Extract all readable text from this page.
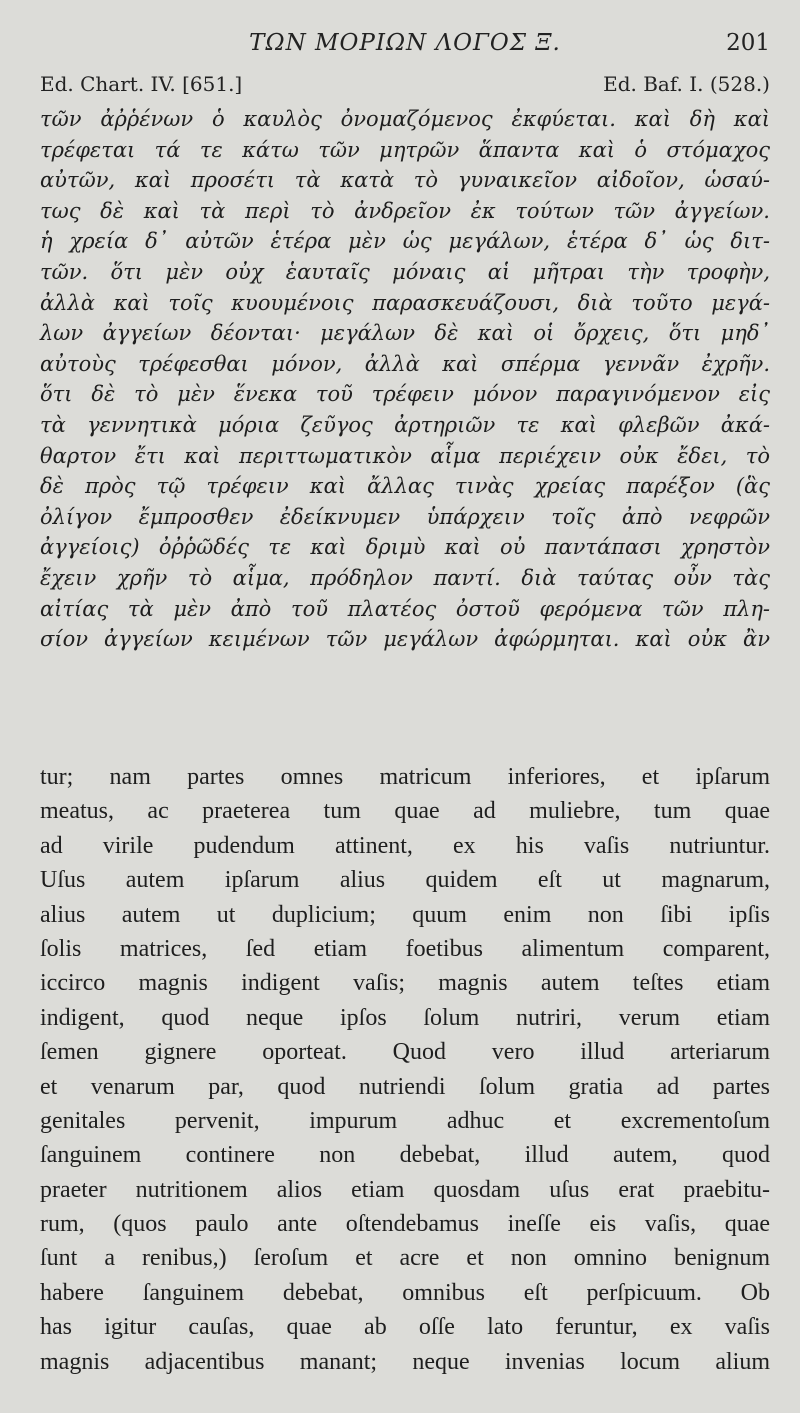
ΤΩΝ ΜΟΡΙΩΝ ΛΟΓΟΣ Ξ.	201
Ed. Chart. IV. [651.]	Ed. Baf. I. (528.)
τῶν ἀῤῥένων ὁ καυλὸς ὀνομαζόμενος ἐκφύεται. καὶ δὴ καὶ
τρέφεται τά τε κάτω τῶν μητρῶν ἅπαντα καὶ ὁ στόμαχος
αὐτῶν, καὶ προσέτι τὰ κατὰ τὸ γυναικεῖον αἰδοῖον, ὡσαύ-
τως δὲ καὶ τὰ περὶ τὸ ἀνδρεῖον ἐκ τούτων τῶν ἀγγείων.
ἡ χρεία δ᾽ αὐτῶν ἑτέρα μὲν ὡς μεγάλων, ἑτέρα δ᾽ ὡς διτ-
τῶν. ὅτι μὲν οὐχ ἑαυταῖς μόναις αἱ μῆτραι τὴν τροφὴν,
ἀλλὰ καὶ τοῖς κυουμένοις παρασκευάζουσι, διὰ τοῦτο μεγά-
λων ἀγγείων δέονται· μεγάλων δὲ καὶ οἱ ὄρχεις, ὅτι μηδ᾽
αὐτοὺς τρέφεσθαι μόνον, ἀλλὰ καὶ σπέρμα γεννᾶν ἐχρῆν.
ὅτι δὲ τὸ μὲν ἕνεκα τοῦ τρέφειν μόνον παραγινόμενον εἰς
τὰ γεννητικὰ μόρια ζεῦγος ἀρτηριῶν τε καὶ φλεβῶν ἀκά-
θαρτον ἔτι καὶ περιττωματικὸν αἷμα περιέχειν οὐκ ἔδει, τὸ
δὲ πρὸς τῷ τρέφειν καὶ ἄλλας τινὰς χρείας παρέξον (ἃς
ὀλίγον ἔμπροσθεν ἐδείκνυμεν ὑπάρχειν τοῖς ἀπὸ νεφρῶν
ἀγγείοις) ὀῤῥῶδές τε καὶ δριμὺ καὶ οὐ παντάπασι χρηστὸν
ἔχειν χρῆν τὸ αἷμα, πρόδηλον παντί. διὰ ταύτας οὖν τὰς
αἰτίας τὰ μὲν ἀπὸ τοῦ πλατέος ὀστοῦ φερόμενα τῶν πλη-
σίον ἀγγείων κειμένων τῶν μεγάλων ἀφώρμηται. καὶ οὐκ ἂν
tur; nam partes omnes matricum inferiores, et ipſarum
meatus, ac praeterea tum quae ad muliebre, tum quae
ad virile pudendum attinent, ex his vaſis nutriuntur.
Uſus autem ipſarum alius quidem eſt ut magnarum,
alius autem ut duplicium; quum enim non ſibi ipſis
ſolis matrices, ſed etiam foetibus alimentum comparent,
iccirco magnis indigent vaſis; magnis autem teſtes etiam
indigent, quod neque ipſos ſolum nutriri, verum etiam
ſemen gignere oporteat. Quod vero illud arteriarum
et venarum par, quod nutriendi ſolum gratia ad partes
genitales pervenit, impurum adhuc et excrementoſum
ſanguinem continere non debebat, illud autem, quod
praeter nutritionem alios etiam quosdam uſus erat praebitu-
rum, (quos paulo ante oſtendebamus ineſſe eis vaſis, quae
ſunt a renibus,) ſeroſum et acre et non omnino benignum
habere ſanguinem debebat, omnibus eſt perſpicuum. Ob
has igitur cauſas, quae ab oſſe lato feruntur, ex vaſis
magnis adjacentibus manant; neque invenias locum alium
